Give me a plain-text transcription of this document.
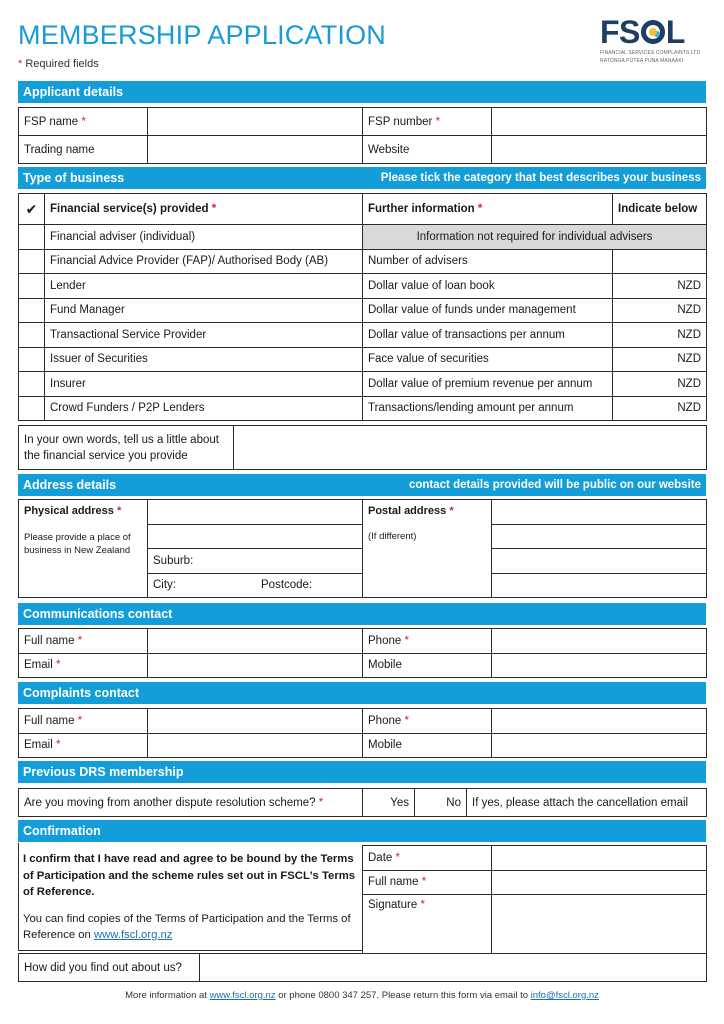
MEMBERSHIP APPLICATION
* Required fields
FS L
FINANCIAL SERVICES COMPLAINTS LTD
RATONGA PŪTEA PUNA MANAAKI
Applicant details
FSP name *		FSP number *	
Trading name		Website	
Type of business	Please tick the category that best describes your business
✔	Financial service(s) provided *	Further information *	Indicate below
	Financial adviser (individual)	Information not required for individual advisers	
	Financial Advice Provider (FAP)/ Authorised Body (AB)	Number of advisers	
	Lender	Dollar value of loan book	NZD
	Fund Manager	Dollar value of funds under management	NZD
	Transactional Service Provider	Dollar value of transactions per annum	NZD
	Issuer of Securities	Face value of securities	NZD
	Insurer	Dollar value of premium revenue per annum	NZD
	Crowd Funders / P2P Lenders	Transactions/lending amount per annum	NZD
In your own words, tell us a little about
the financial service you provide

Address details	contact details provided will be public on our website
Physical address *
Please provide a place of
business in New Zealand

Postal address *
(If different)

	Suburb:		
	City: Postcode:		
Communications contact
Full name *		Phone *	
Email *		Mobile	
Complaints contact
Full name *		Phone *	
Email *		Mobile	
Previous DRS membership
Are you moving from another dispute resolution scheme? *	Yes	No	If yes, please attach the cancellation email
Confirmation
I confirm that I have read and agree to be bound by the Terms of Participation and the scheme rules set out in FSCL's Terms of Reference.
You can find copies of the Terms of Participation and the Terms of Reference on www.fscl.org.nz
Date *	
Full name *	
Signature *	
How did you find out about us?	
More information at www.fscl.org.nz or phone 0800 347 257. Please return this form via email to info@fscl.org.nz
